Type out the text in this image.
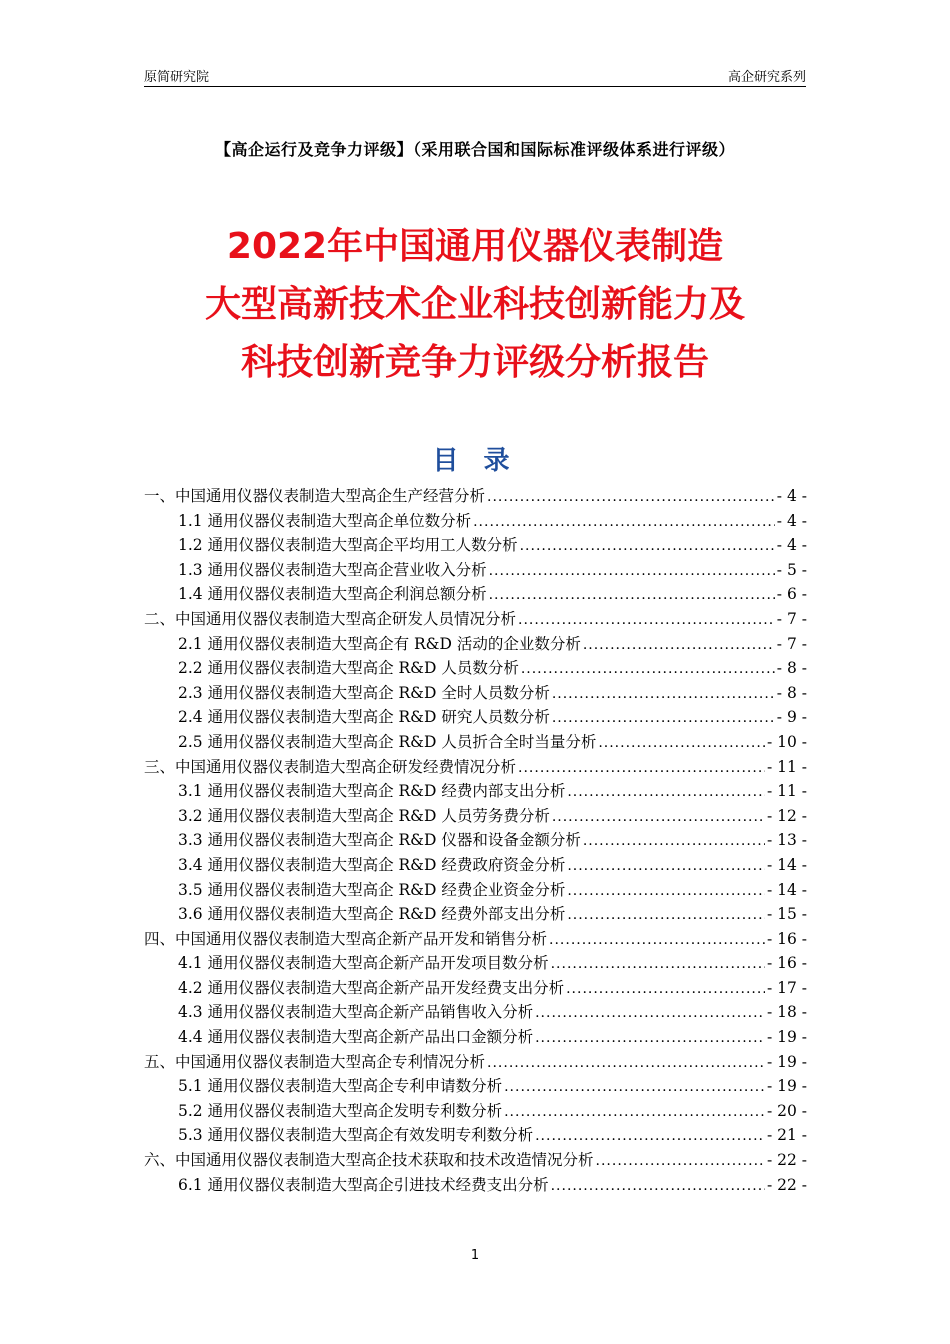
原简研究院	高企研究系列
【高企运行及竞争力评级】（采用联合国和国际标准评级体系进行评级）
2022年中国通用仪器仪表制造
大型高新技术企业科技创新能力及
科技创新竞争力评级分析报告
目 录
一、中国通用仪器仪表制造大型高企生产经营分析 .....	- 4 -
1.1 通用仪器仪表制造大型高企单位数分析 .....	- 4 -
1.2 通用仪器仪表制造大型高企平均用工人数分析 .....	- 4 -
1.3 通用仪器仪表制造大型高企营业收入分析 .....	- 5 -
1.4 通用仪器仪表制造大型高企利润总额分析 .....	- 6 -
二、中国通用仪器仪表制造大型高企研发人员情况分析 .....	- 7 -
2.1 通用仪器仪表制造大型高企有 R&D 活动的企业数分析 .....	- 7 -
2.2 通用仪器仪表制造大型高企 R&D 人员数分析 .....	- 8 -
2.3 通用仪器仪表制造大型高企 R&D 全时人员数分析 .....	- 8 -
2.4 通用仪器仪表制造大型高企 R&D 研究人员数分析 .....	- 9 -
2.5 通用仪器仪表制造大型高企 R&D 人员折合全时当量分析 .....	- 10 -
三、中国通用仪器仪表制造大型高企研发经费情况分析 .....	- 11 -
3.1 通用仪器仪表制造大型高企 R&D 经费内部支出分析 .....	- 11 -
3.2 通用仪器仪表制造大型高企 R&D 人员劳务费分析 .....	- 12 -
3.3 通用仪器仪表制造大型高企 R&D 仪器和设备金额分析 .....	- 13 -
3.4 通用仪器仪表制造大型高企 R&D 经费政府资金分析 .....	- 14 -
3.5 通用仪器仪表制造大型高企 R&D 经费企业资金分析 .....	- 14 -
3.6 通用仪器仪表制造大型高企 R&D 经费外部支出分析 .....	- 15 -
四、中国通用仪器仪表制造大型高企新产品开发和销售分析 .....	- 16 -
4.1 通用仪器仪表制造大型高企新产品开发项目数分析 .....	- 16 -
4.2 通用仪器仪表制造大型高企新产品开发经费支出分析 .....	- 17 -
4.3 通用仪器仪表制造大型高企新产品销售收入分析 .....	- 18 -
4.4 通用仪器仪表制造大型高企新产品出口金额分析 .....	- 19 -
五、中国通用仪器仪表制造大型高企专利情况分析 .....	- 19 -
5.1 通用仪器仪表制造大型高企专利申请数分析 .....	- 19 -
5.2 通用仪器仪表制造大型高企发明专利数分析 .....	- 20 -
5.3 通用仪器仪表制造大型高企有效发明专利数分析 .....	- 21 -
六、中国通用仪器仪表制造大型高企技术获取和技术改造情况分析 .....	- 22 -
6.1 通用仪器仪表制造大型高企引进技术经费支出分析 .....	- 22 -
1
